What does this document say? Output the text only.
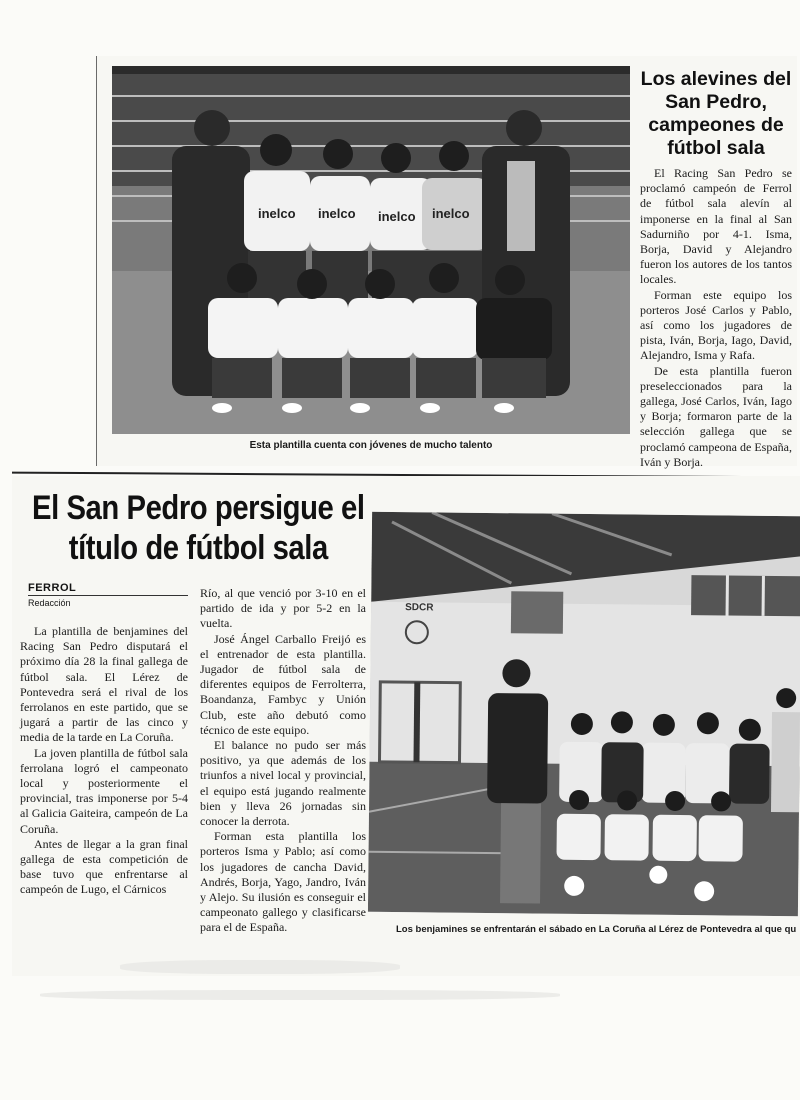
inelco inelco inelco inelco
Esta plantilla cuenta con jóvenes de mucho talento
Los alevines del San Pedro, campeones de fútbol sala

El Racing San Pedro se proclamó campeón de Ferrol de fútbol sala alevín al imponerse en la final al San Sadurniño por 4-1. Isma, Borja, David y Alejandro fueron los autores de los tantos locales.

Forman este equipo los porteros José Carlos y Pablo, así como los jugadores de pista, Iván, Borja, Iago, David, Alejandro, Isma y Rafa.

De esta plantilla fueron preseleccionados para la gallega, José Carlos, Iván, Iago y Borja; formaron parte de la selección gallega que se proclamó campeona de España, Iván y Borja.

El San Pedro persigue el título de fútbol sala
FERROL
Redacción

La plantilla de benjamines del Racing San Pedro disputará el próximo día 28 la final gallega de fútbol sala. El Lérez de Pontevedra será el rival de los ferrolanos en este partido, que se jugará a partir de las cinco y media de la tarde en La Coruña.

La joven plantilla de fútbol sala ferrolana logró el campeonato local y posteriormente el provincial, tras imponerse por 5-4 al Galicia Gaiteira, campeón de La Coruña.

Antes de llegar a la gran final gallega de esta competición de base tuvo que enfrentarse al campeón de Lugo, el Cárnicos

Río, al que venció por 3-10 en el partido de ida y por 5-2 en la vuelta.

José Ángel Carballo Freijó es el entrenador de esta plantilla. Jugador de fútbol sala de diferentes equipos de Ferrolterra, Boandanza, Fambyc y Unión Club, este año debutó como técnico de este equipo.

El balance no pudo ser más positivo, ya que además de los triunfos a nivel local y provincial, el equipo está jugando realmente bien y lleva 26 jornadas sin conocer la derrota.

Forman esta plantilla los porteros Isma y Pablo; así como los jugadores de cancha David, Andrés, Borja, Yago, Jandro, Iván y Alejo. Su ilusión es conseguir el campeonato gallego y clasificarse para el de España.

SDCR
Los benjamines se enfrentarán el sábado en La Coruña al Lérez de Pontevedra al que qu
